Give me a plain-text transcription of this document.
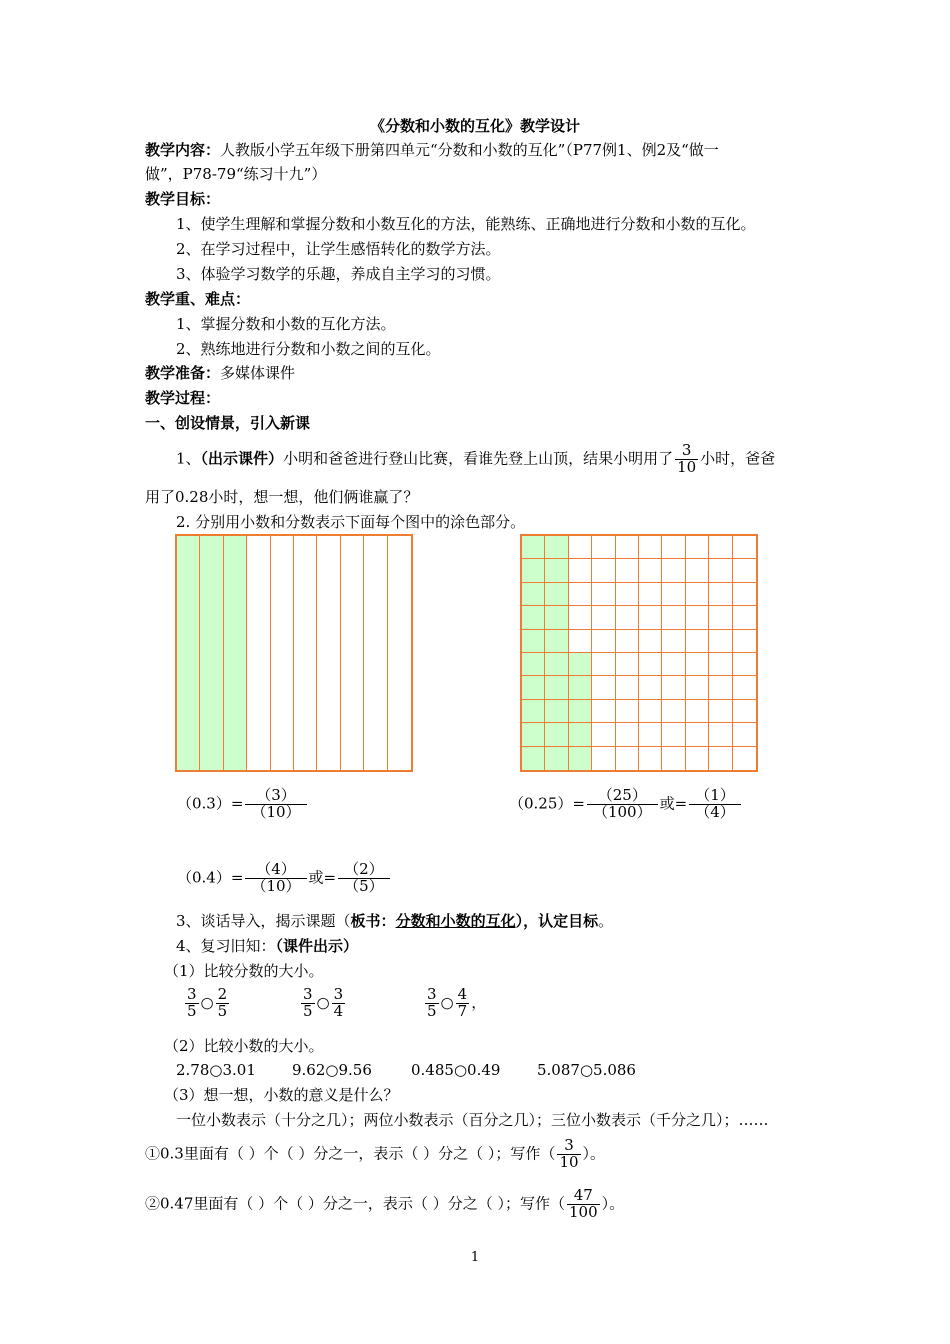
《分数和小数的互化》教学设计
教学内容：人教版小学五年级下册第四单元“分数和小数的互化”（P77例1、例2及“做一
做”，P78-79“练习十九”）
教学目标：
1、使学生理解和掌握分数和小数互化的方法，能熟练、正确地进行分数和小数的互化。
2、在学习过程中，让学生感悟转化的数学方法。
3、体验学习数学的乐趣，养成自主学习的习惯。
教学重、难点：
1、掌握分数和小数的互化方法。
2、熟练地进行分数和小数之间的互化。
教学准备：多媒体课件
教学过程：
一、创设情景，引入新课
1、（出示课件）小明和爸爸进行登山比赛，看谁先登上山顶，结果小明用了 $\frac{3}{10}$ 小时，爸爸
用了0.28小时，想一想，他们俩谁赢了？
2. 分别用小数和分数表示下面每个图中的涂色部分。
$(0.3)= \frac{(3)}{(10)}$	$(0.25)= \frac{(25)}{(100)}$ 或= $\frac{(1)}{(4)}$
$(0.4)= \frac{(4)}{(10)}$ 或= $\frac{(2)}{(5)}$
3、谈话导入，揭示课题（板书：分数和小数的互化），认定目标。
4、复习旧知：（课件出示）
（1）比较分数的大小。
$\frac{3}{5}$ ○ $\frac{2}{5}$	$\frac{3}{5}$ ○ $\frac{3}{4}$	$\frac{3}{5}$ ○ $\frac{4}{7}$ ，
（2）比较小数的大小。
2.78○3.01 9.62○9.56	0.485○0.49 5.087○5.086
（3）想一想，小数的意义是什么？
一位小数表示（十分之几）；两位小数表示（百分之几）；三位小数表示（千分之几）；……
①0.3里面有（ ）个（ ）分之一，表示（ ）分之（ ）；写作（ $\frac{3}{10}$ ）。
②0.47里面有（ ）个（ ）分之一，表示（ ）分之（ ）；写作（ $\frac{47}{100}$ ）。
1
